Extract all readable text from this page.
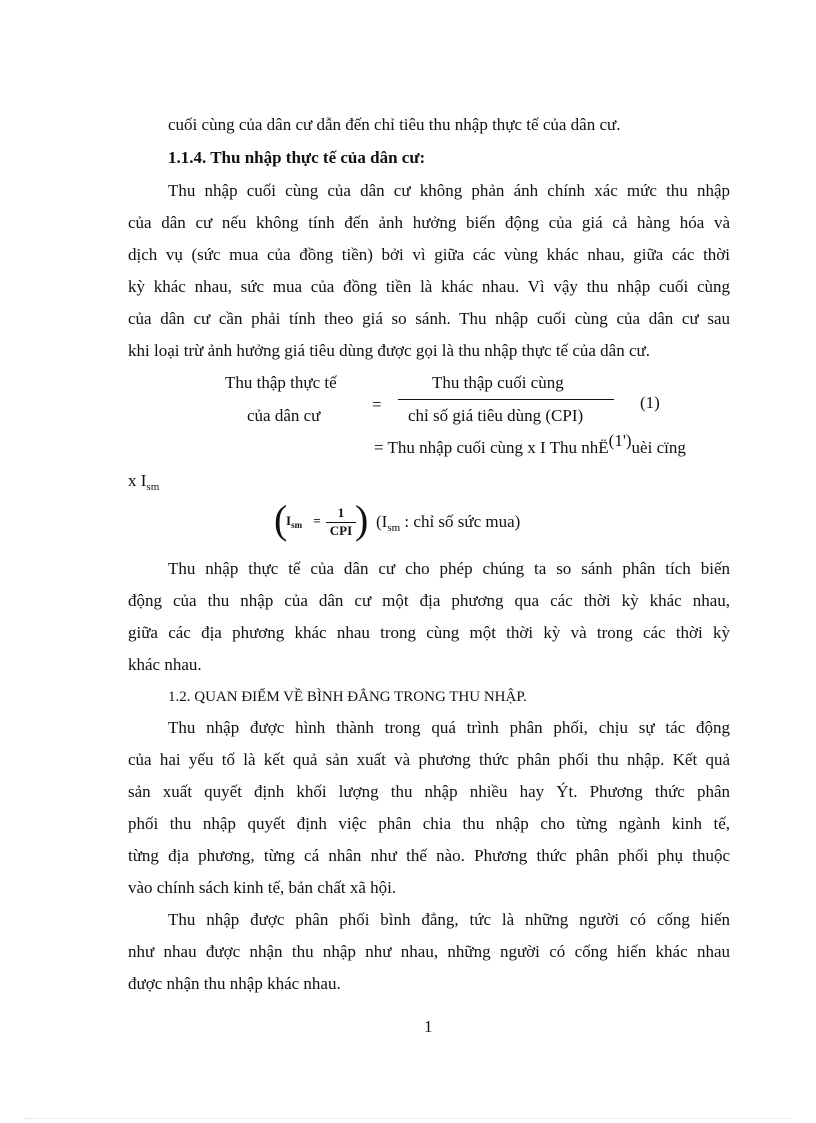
cuối cùng của dân cư dẫn đến chỉ tiêu thu nhập thực tế của dân cư.
1.1.4. Thu nhập thực tế của dân cư:
Thu nhập cuối cùng của dân cư không phản ánh chính xác mức thu nhập
của dân cư nếu không tính đến ảnh hưởng biến động của giá cả hàng hóa và
dịch vụ (sức mua của đồng tiền) bởi vì giữa các vùng khác nhau, giữa các thời
kỳ khác nhau, sức mua của đồng tiền là khác nhau. Vì vậy thu nhập cuối cùng
của dân cư cần phải tính theo giá so sánh. Thu nhập cuối cùng của dân cư sau
khi loại trừ ảnh hưởng giá tiêu dùng được gọi là thu nhập thực tế của dân cư.
Thu thập thực tế
của dân cư
=
Thu thập cuối cùng
chỉ số giá tiêu dùng (CPI)
(1)
= Thu nhập cuối cùng x I Thu nhË(1')uèi cïng
x $I_{sm}$
(
$I_{sm}$ =
1
CPI ) ($I_{sm}$ : chỉ số sức mua)
Thu nhập thực tế của dân cư cho phép chúng ta so sánh phân tích biến
động của thu nhập của dân cư một địa phương qua các thời kỳ khác nhau,
giữa các địa phương khác nhau trong cùng một thời kỳ và trong các thời kỳ
khác nhau.
1.2. QUAN ĐIỂM VỀ BÌNH ĐẲNG TRONG THU NHẬP.
Thu nhập được hình thành trong quá trình phân phối, chịu sự tác động
của hai yếu tố là kết quả sản xuất và phương thức phân phối thu nhập. Kết quả
sản xuất quyết định khối lượng thu nhập nhiều hay Ýt. Phương thức phân
phối thu nhập quyết định việc phân chia thu nhập cho từng ngành kinh tế,
từng địa phương, từng cá nhân như thế nào. Phương thức phân phối phụ thuộc
vào chính sách kinh tế, bản chất xã hội.
Thu nhập được phân phối bình đẳng, tức là những người có cống hiến
như nhau được nhận thu nhập như nhau, những người có cống hiến khác nhau
được nhận thu nhập khác nhau.
1
